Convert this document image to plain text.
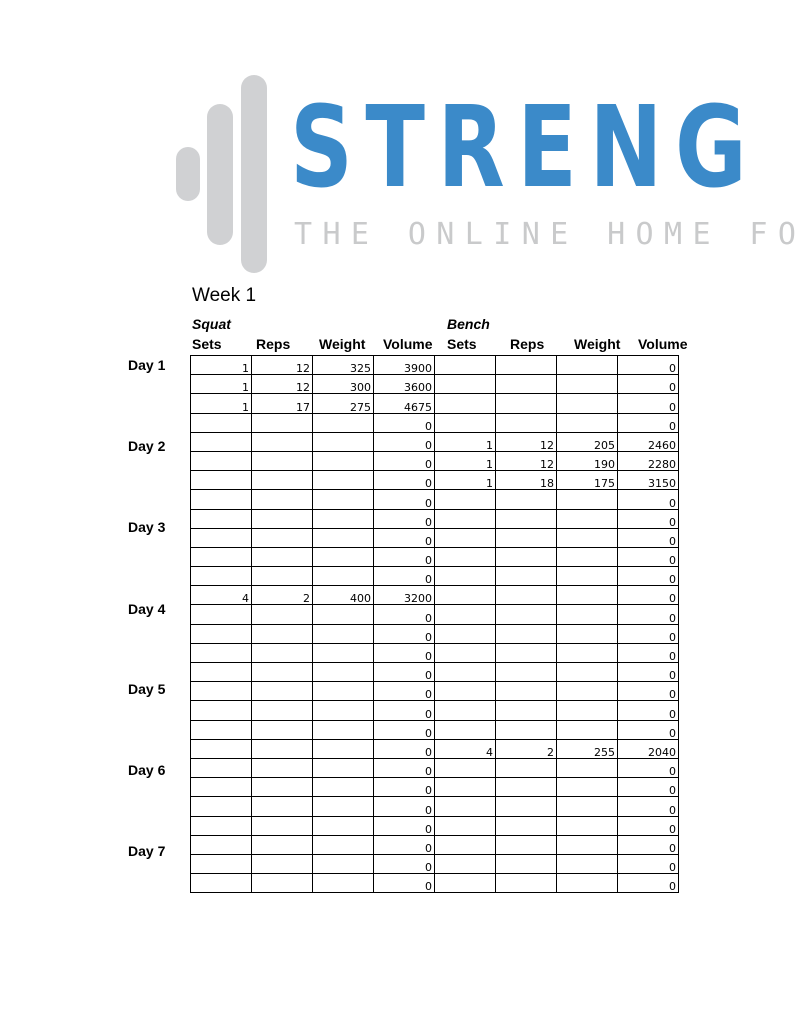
STRENG
THE ONLINE HOME FO
Week 1
Squat	Bench
Sets Reps Weight Volume Sets Reps Weight Volume
Day 1
Day 2
Day 3
Day 4
Day 5
Day 6
Day 7
1	12	325	3900				0
1	12	300	3600				0
1	17	275	4675				0
			0				0
			0	1	12	205	2460
			0	1	12	190	2280
			0	1	18	175	3150
			0				0
			0				0
			0				0
			0				0
			0				0
4	2	400	3200				0
			0				0
			0				0
			0				0
			0				0
			0				0
			0				0
			0				0
			0	4	2	255	2040
			0				0
			0				0
			0				0
			0				0
			0				0
			0				0
			0				0
